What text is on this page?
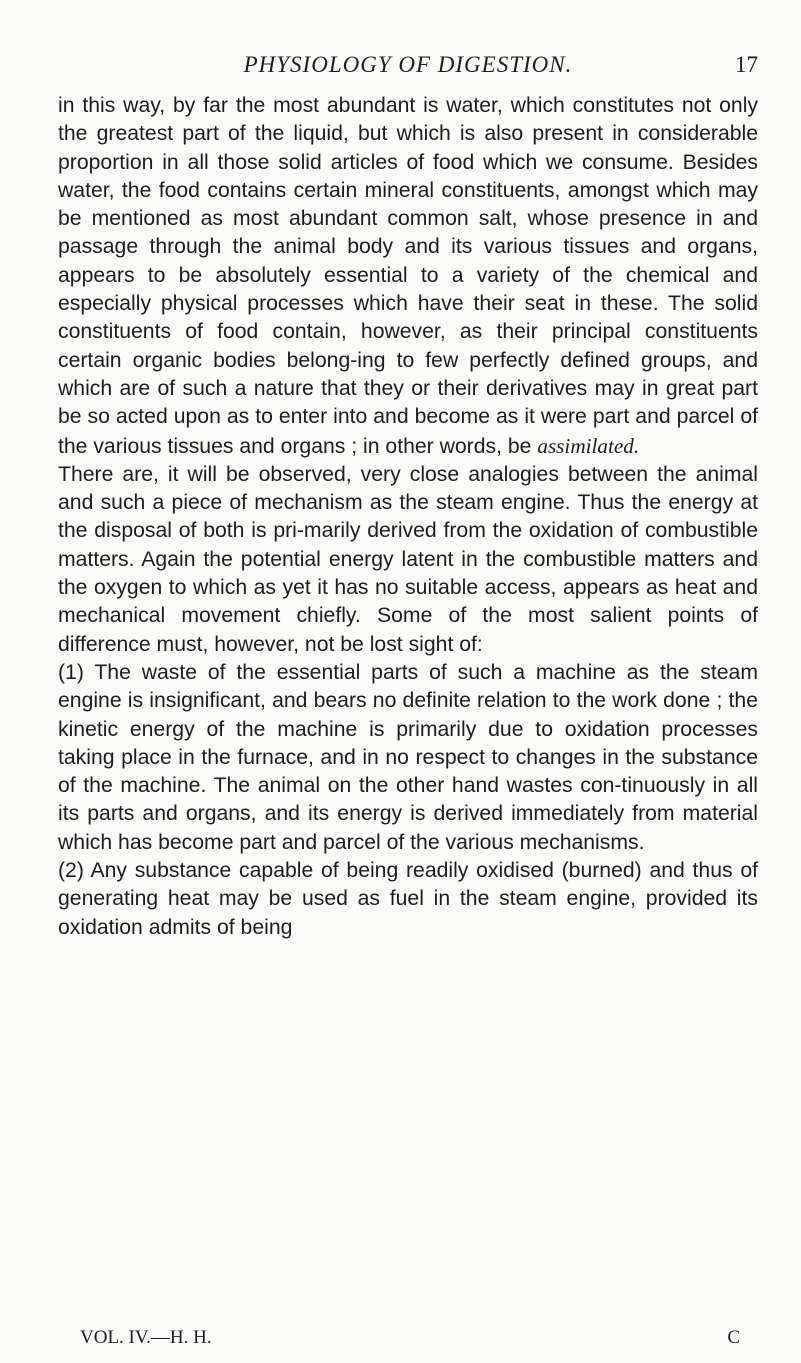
PHYSIOLOGY OF DIGESTION.	17

in this way, by far the most abundant is water, which constitutes not only the greatest part of the liquid, but which is also present in considerable proportion in all those solid articles of food which we consume. Besides water, the food contains certain mineral constituents, amongst which may be mentioned as most abundant common salt, whose presence in and passage through the animal body and its various tissues and organs, appears to be absolutely essential to a variety of the chemical and especially physical processes which have their seat in these. The solid constituents of food contain, however, as their principal constituents certain organic bodies belong-ing to few perfectly defined groups, and which are of such a nature that they or their derivatives may in great part be so acted upon as to enter into and become as it were part and parcel of the various tissues and organs ; in other words, be assimilated.

There are, it will be observed, very close analogies between the animal and such a piece of mechanism as the steam engine. Thus the energy at the disposal of both is pri-marily derived from the oxidation of combustible matters. Again the potential energy latent in the combustible matters and the oxygen to which as yet it has no suitable access, appears as heat and mechanical movement chiefly. Some of the most salient points of difference must, however, not be lost sight of:

(1) The waste of the essential parts of such a machine as the steam engine is insignificant, and bears no definite relation to the work done ; the kinetic energy of the machine is primarily due to oxidation processes taking place in the furnace, and in no respect to changes in the substance of the machine. The animal on the other hand wastes con-tinuously in all its parts and organs, and its energy is derived immediately from material which has become part and parcel of the various mechanisms.

(2) Any substance capable of being readily oxidised (burned) and thus of generating heat may be used as fuel in the steam engine, provided its oxidation admits of being

VOL. IV.—H. H.	C
